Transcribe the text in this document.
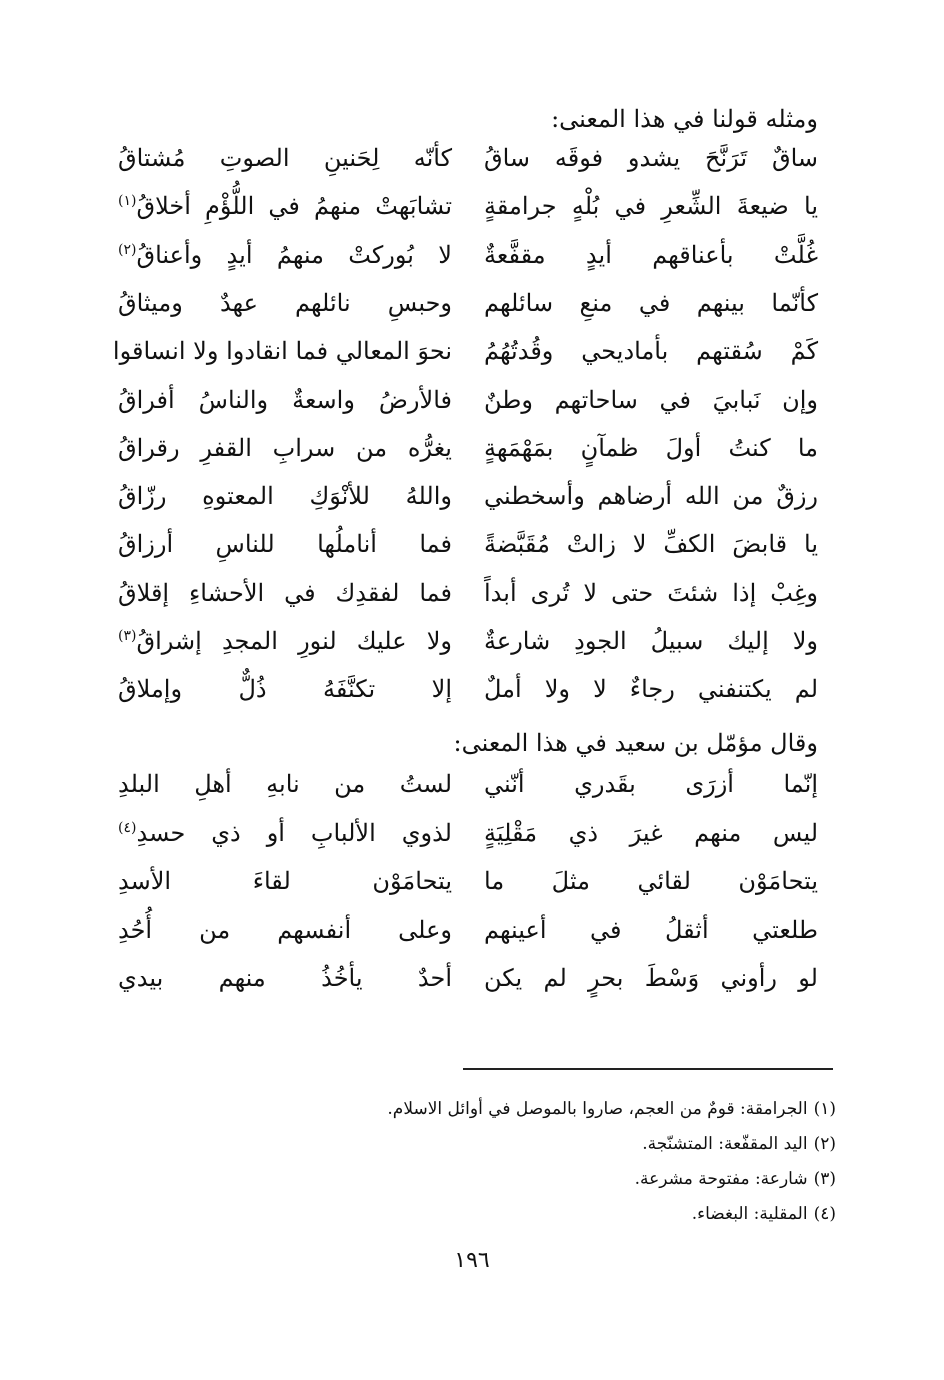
ومثله قولنا في هذا المعنى:
ساقٌ تَرَنَّحَ يشدو فوقَه ساقُ
كأنّه لِحَنينِ الصوتِ مُشتاقُ
يا ضيعةَ الشِّعرِ في بُلْهٍ جرامقةٍ
تشابَهتْ منهمُ في اللُّؤْمِ أخلاقُ$^{(١)}$
غُلَّتْ بأعناقهم أيدٍ مقفَّعةٌ
لا بُوركتْ منهمُ أيدٍ وأعناقُ$^{(٢)}$
كأنّما بينهم في منعِ سائلهم
وحبسِ نائلهم عهدٌ وميثاقُ
كَمْ سُقتهم بأماديحي وقُدتُهُمُ
نحوَ المعالي فما انقادوا ولا انساقوا
وإن نَبابيَ في ساحاتهم وطنٌ
فالأرضُ واسعةٌ والناسُ أفراقُ
ما كنتُ أولَ ظمآنٍ بمَهْمَهةٍ
يغرُّه من سرابِ القفرِ رقراقُ
رزقٌ من الله أرضاهم وأسخطني
واللهُ للأنْوَكِ المعتوهِ رزّاقُ
يا قابضَ الكفِّ لا زالتْ مُقَبَّضةً
فما أناملُها للناسِ أرزاقُ
وغِبْ إذا شئتَ حتى لا تُرى أبداً
فما لفقدِك في الأحشاءِ إقلاقُ
ولا إليك سبيلُ الجودِ شارعةٌ
ولا عليك لنورِ المجدِ إشراقُ$^{(٣)}$
لم يكتنفني رجاءٌ لا ولا أملٌ
إلا تكنَّفَهُ ذُلٌّ وإملاقُ
وقال مؤمّل بن سعيد في هذا المعنى:
إنّما أزرَى بقَدري أنّني
لستُ من نابهِ أهلِ البلدِ
ليس منهم غيرَ ذي مَقْلِيَةٍ
لذوي الألبابِ أو ذي حسدِ$^{(٤)}$
يتحامَوْن لقائي مثلَ ما
يتحامَوْن لقاءَ الأسدِ
طلعتي أثقلُ في أعينهم
وعلى أنفسهم من أُحُدِ
لو رأوني وَسْطَ بحرٍ لم يكن
أحدٌ يأخُذُ منهم بيدي
(١)الجرامقة: قومٌ من العجم، صاروا بالموصل في أوائل الاسلام.
(٢)اليد المقفّعة: المتشنّجة.
(٣)شارعة: مفتوحة مشرعة.
(٤)المقلية: البغضاء.
١٩٦
